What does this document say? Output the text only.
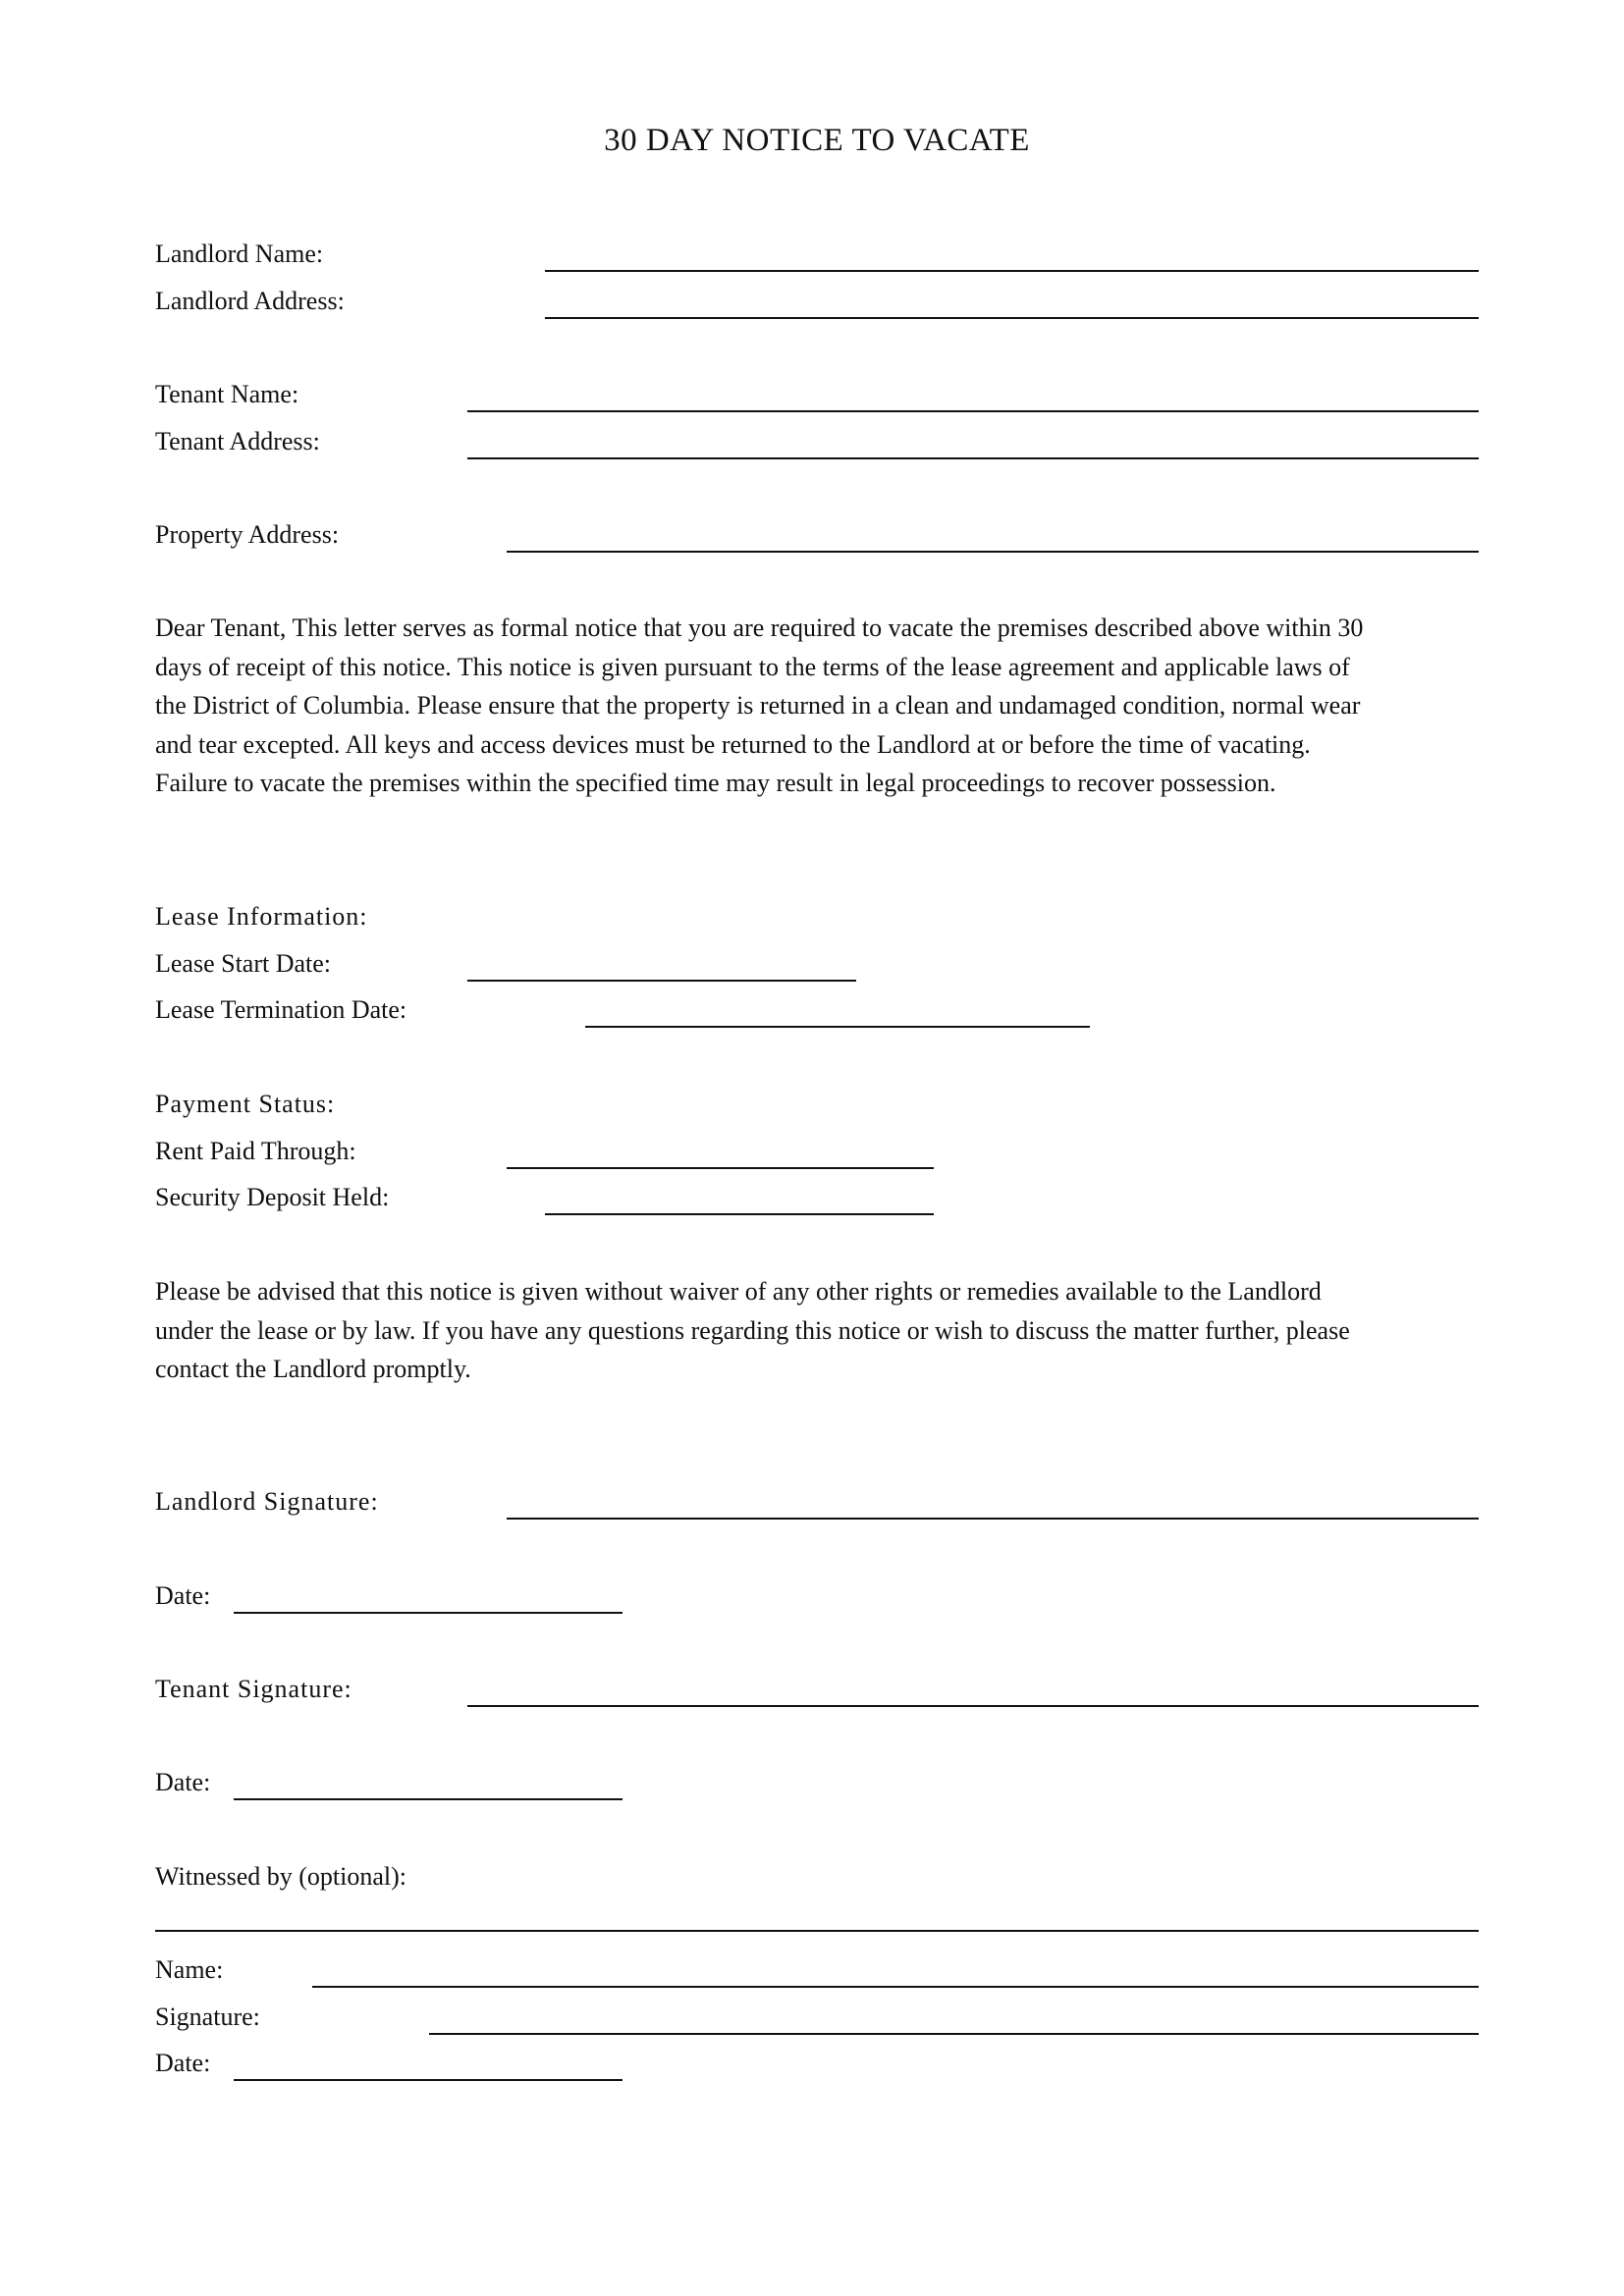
30 DAY NOTICE TO VACATE
Landlord Name:
Landlord Address:
Tenant Name:
Tenant Address:
Property Address:
Dear Tenant, This letter serves as formal notice that you are required to vacate the premises described above within 30
days of receipt of this notice. This notice is given pursuant to the terms of the lease agreement and applicable laws of
the District of Columbia. Please ensure that the property is returned in a clean and undamaged condition, normal wear
and tear excepted. All keys and access devices must be returned to the Landlord at or before the time of vacating.
Failure to vacate the premises within the specified time may result in legal proceedings to recover possession.
Lease Information:
Lease Start Date:
Lease Termination Date:
Payment Status:
Rent Paid Through:
Security Deposit Held:
Please be advised that this notice is given without waiver of any other rights or remedies available to the Landlord
under the lease or by law. If you have any questions regarding this notice or wish to discuss the matter further, please
contact the Landlord promptly.
Landlord Signature:
Date:
Tenant Signature:
Date:
Witnessed by (optional):
Name:
Signature:
Date:
